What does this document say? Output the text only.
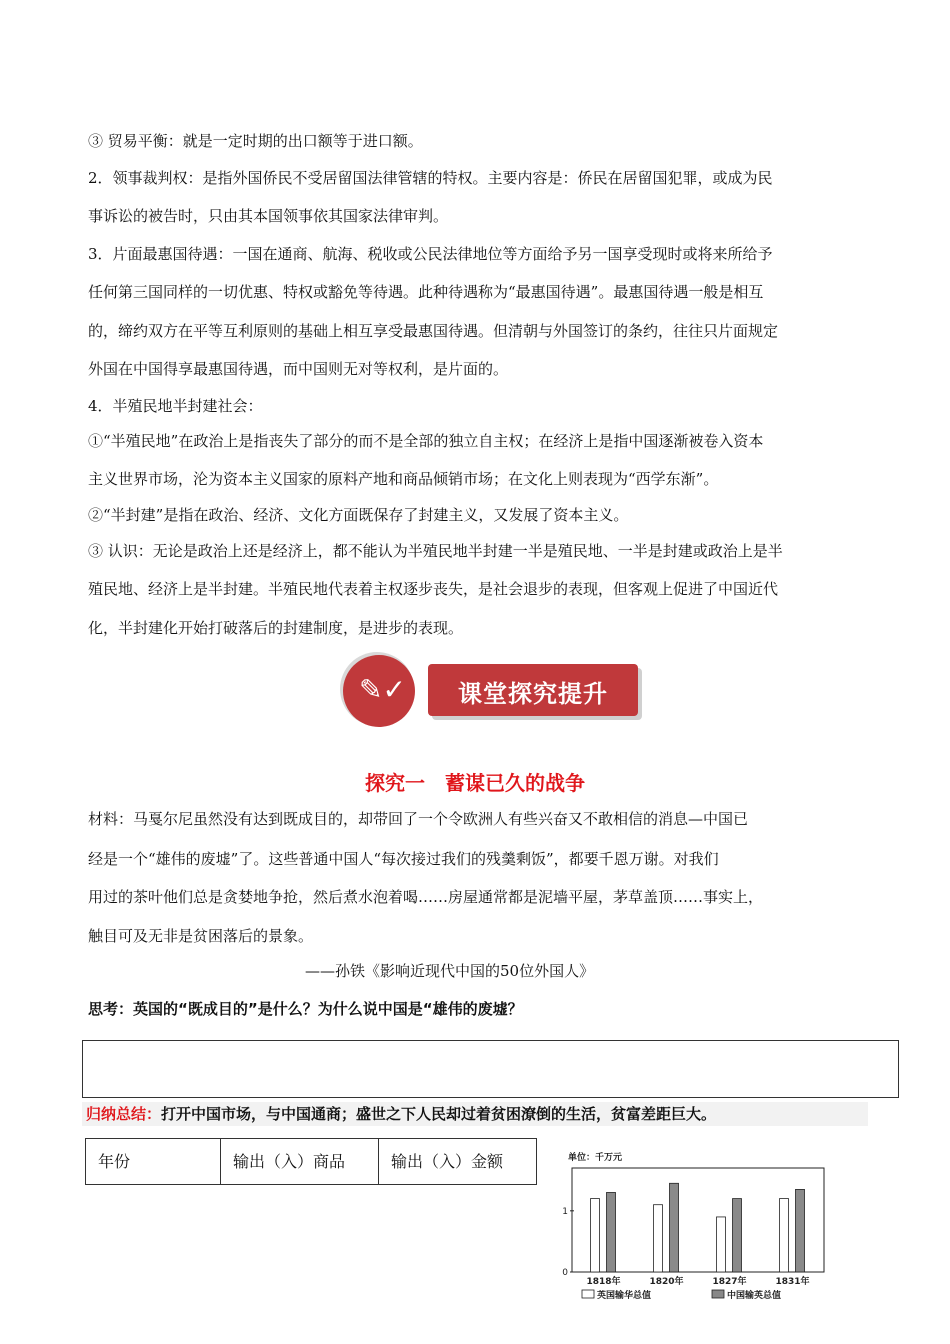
③ 贸易平衡：就是一定时期的出口额等于进口额。
2．领事裁判权：是指外国侨民不受居留国法律管辖的特权。主要内容是：侨民在居留国犯罪，或成为民
事诉讼的被告时，只由其本国领事依其国家法律审判。
3．片面最惠国待遇：一国在通商、航海、税收或公民法律地位等方面给予另一国享受现时或将来所给予
任何第三国同样的一切优惠、特权或豁免等待遇。此种待遇称为“最惠国待遇”。最惠国待遇一般是相互
的，缔约双方在平等互利原则的基础上相互享受最惠国待遇。但清朝与外国签订的条约，往往只片面规定
外国在中国得享最惠国待遇，而中国则无对等权利，是片面的。
4．半殖民地半封建社会：
①“半殖民地”在政治上是指丧失了部分的而不是全部的独立自主权；在经济上是指中国逐渐被卷入资本
主义世界市场，沦为资本主义国家的原料产地和商品倾销市场；在文化上则表现为“西学东渐”。
②“半封建”是指在政治、经济、文化方面既保存了封建主义，又发展了资本主义。
③ 认识：无论是政治上还是经济上，都不能认为半殖民地半封建一半是殖民地、一半是封建或政治上是半
殖民地、经济上是半封建。半殖民地代表着主权逐步丧失，是社会退步的表现，但客观上促进了中国近代
化，半封建化开始打破落后的封建制度，是进步的表现。
✎✓	课堂探究提升
探究一　蓄谋已久的战争
材料：马戛尔尼虽然没有达到既成目的，却带回了一个令欧洲人有些兴奋又不敢相信的消息—中国已
经是一个“雄伟的废墟”了。这些普通中国人“每次接过我们的残羹剩饭”，都要千恩万谢。对我们
用过的茶叶他们总是贪婪地争抢，然后煮水泡着喝……房屋通常都是泥墙平屋，茅草盖顶……事实上，
触目可及无非是贫困落后的景象。
——孙铁《影响近现代中国的50位外国人》
思考：英国的“既成目的”是什么？为什么说中国是“雄伟的废墟？
归纳总结：打开中国市场，与中国通商；盛世之下人民却过着贫困潦倒的生活，贫富差距巨大。
年份	输出（入）商品	输出（入）金额	单位：千万元
0
1
1818年	1820年	1827年	1831年
英国输华总值	中国输英总值
